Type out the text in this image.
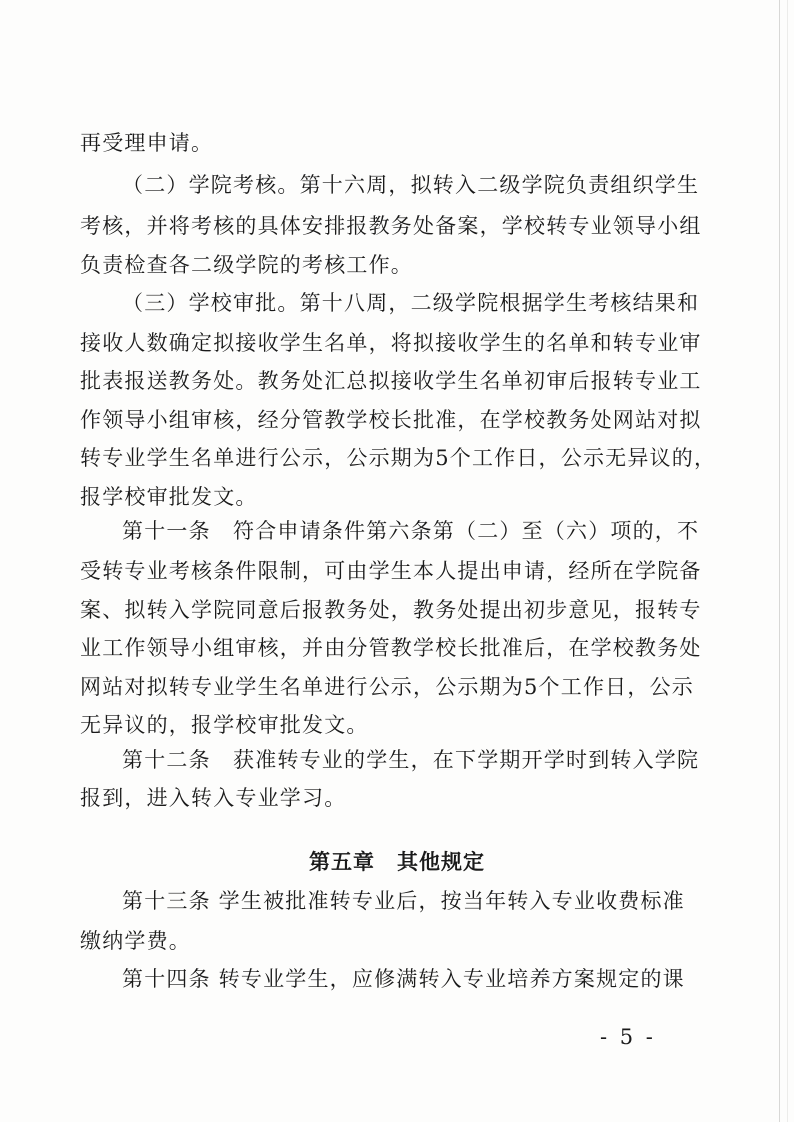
再受理申请。
（二）学院考核。第十六周，拟转入二级学院负责组织学生
考核，并将考核的具体安排报教务处备案，学校转专业领导小组
负责检查各二级学院的考核工作。
（三）学校审批。第十八周，二级学院根据学生考核结果和
接收人数确定拟接收学生名单，将拟接收学生的名单和转专业审
批表报送教务处。教务处汇总拟接收学生名单初审后报转专业工
作领导小组审核，经分管教学校长批准，在学校教务处网站对拟
转专业学生名单进行公示，公示期为5个工作日，公示无异议的，
报学校审批发文。
第十一条　符合申请条件第六条第（二）至（六）项的，不
受转专业考核条件限制，可由学生本人提出申请，经所在学院备
案、拟转入学院同意后报教务处，教务处提出初步意见，报转专
业工作领导小组审核，并由分管教学校长批准后，在学校教务处
网站对拟转专业学生名单进行公示，公示期为5个工作日，公示
无异议的，报学校审批发文。
第十二条　获准转专业的学生，在下学期开学时到转入学院
报到，进入转入专业学习。
第五章　其他规定
第十三条 学生被批准转专业后，按当年转入专业收费标准
缴纳学费。
第十四条 转专业学生，应修满转入专业培养方案规定的课
- 5 -
